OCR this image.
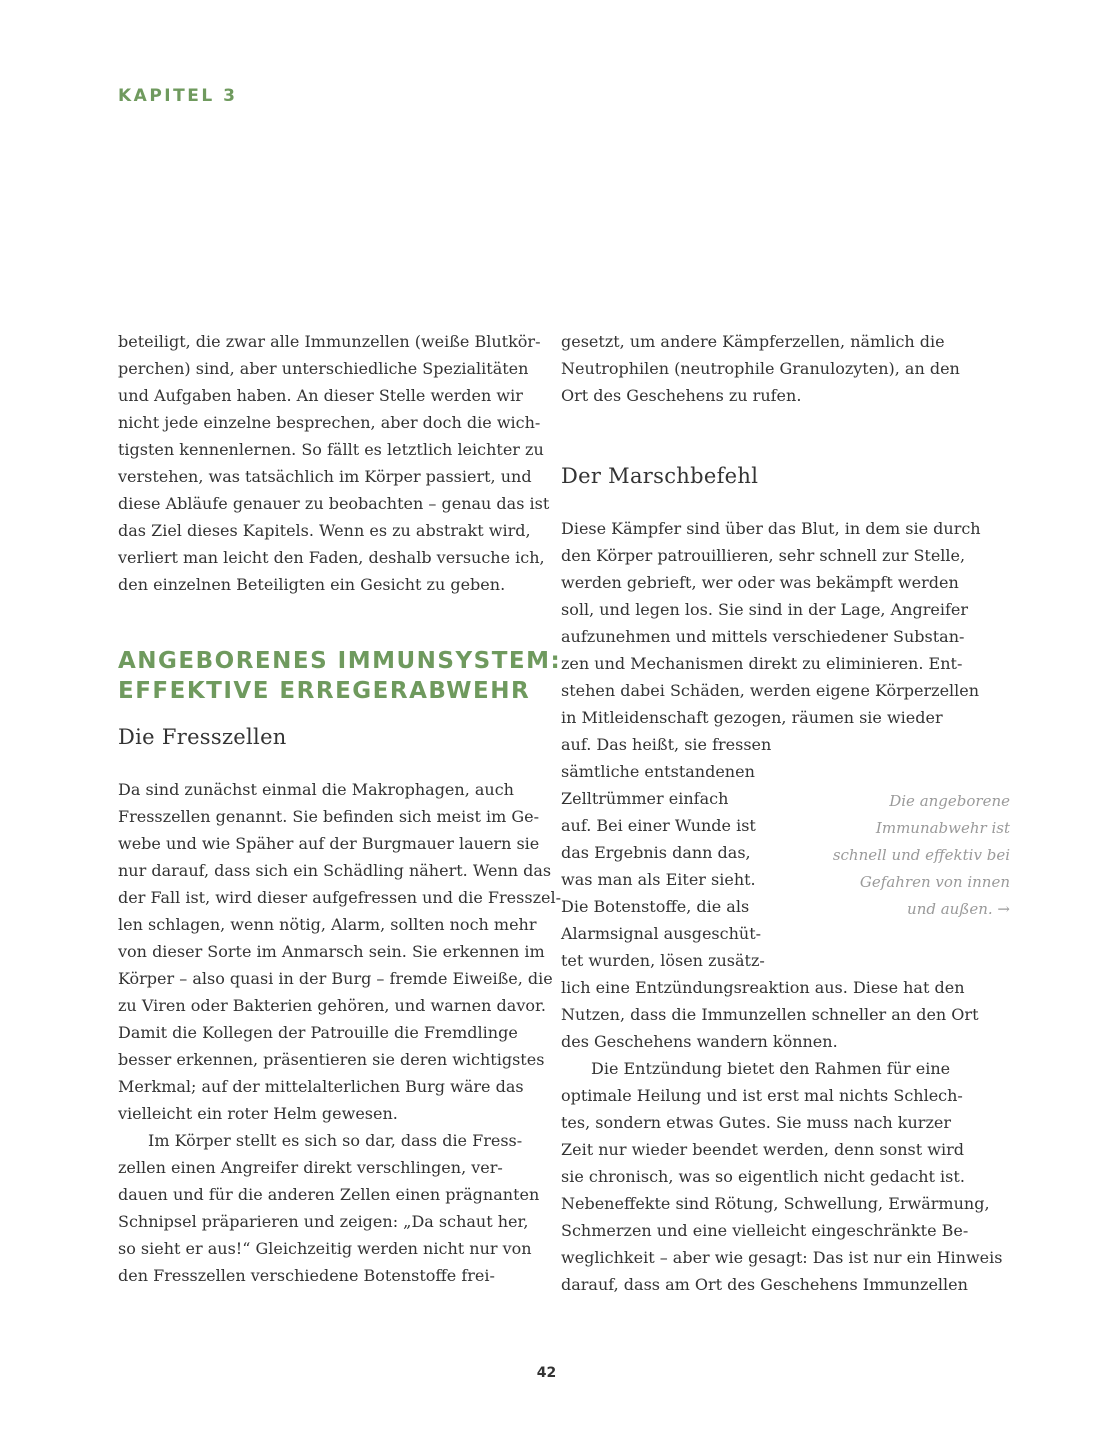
KAPITEL 3

beteiligt, die zwar alle Immunzellen (weiße Blutkör-
perchen) sind, aber unterschiedliche Spezialitäten
und Aufgaben haben. An dieser Stelle werden wir
nicht jede einzelne besprechen, aber doch die wich-
tigsten kennenlernen. So fällt es letztlich leichter zu
verstehen, was tatsächlich im Körper passiert, und
diese Abläufe genauer zu beobachten – genau das ist
das Ziel dieses Kapitels. Wenn es zu abstrakt wird,
verliert man leicht den Faden, deshalb versuche ich,
den einzelnen Beteiligten ein Gesicht zu geben.

ANGEBORENES IMMUNSYSTEM:
EFFEKTIVE ERREGERABWEHR
Die Fresszellen

Da sind zunächst einmal die Makrophagen, auch
Fresszellen genannt. Sie befinden sich meist im Ge-
webe und wie Späher auf der Burgmauer lauern sie
nur darauf, dass sich ein Schädling nähert. Wenn das
der Fall ist, wird dieser aufgefressen und die Fresszel-
len schlagen, wenn nötig, Alarm, sollten noch mehr
von dieser Sorte im Anmarsch sein. Sie erkennen im
Körper – also quasi in der Burg – fremde Eiweiße, die
zu Viren oder Bakterien gehören, und warnen davor.
Damit die Kollegen der Patrouille die Fremdlinge
besser erkennen, präsentieren sie deren wichtigstes
Merkmal; auf der mittelalterlichen Burg wäre das
vielleicht ein roter Helm gewesen.

Im Körper stellt es sich so dar, dass die Fress-
zellen einen Angreifer direkt verschlingen, ver-
dauen und für die anderen Zellen einen prägnanten
Schnipsel präparieren und zeigen: „Da schaut her,
so sieht er aus!“ Gleichzeitig werden nicht nur von
den Fresszellen verschiedene Botenstoffe frei-

gesetzt, um andere Kämpferzellen, nämlich die
Neutrophilen (neutrophile Granulozyten), an den
Ort des Geschehens zu rufen.

Der Marschbefehl

Diese Kämpfer sind über das Blut, in dem sie durch
den Körper patrouillieren, sehr schnell zur Stelle,
werden gebrieft, wer oder was bekämpft werden
soll, und legen los. Sie sind in der Lage, Angreifer
aufzunehmen und mittels verschiedener Substan-
zen und Mechanismen direkt zu eliminieren. Ent-
stehen dabei Schäden, werden eigene Körperzellen
in Mitleidenschaft gezogen, räumen sie wieder
auf. Das heißt, sie fressen
sämtliche entstandenen
Zelltrümmer einfach
auf. Bei einer Wunde ist
das Ergebnis dann das,
was man als Eiter sieht.
Die Botenstoffe, die als
Alarmsignal ausgeschüt-
tet wurden, lösen zusätz-
lich eine Entzündungsreaktion aus. Diese hat den
Nutzen, dass die Immunzellen schneller an den Ort
des Geschehens wandern können.

Die Entzündung bietet den Rahmen für eine
optimale Heilung und ist erst mal nichts Schlech-
tes, sondern etwas Gutes. Sie muss nach kurzer
Zeit nur wieder beendet werden, denn sonst wird
sie chronisch, was so eigentlich nicht gedacht ist.
Nebeneffekte sind Rötung, Schwellung, Erwärmung,
Schmerzen und eine vielleicht eingeschränkte Be-
weglichkeit – aber wie gesagt: Das ist nur ein Hinweis
darauf, dass am Ort des Geschehens Immunzellen

Die angeborene
Immunabwehr ist
schnell und effektiv bei
Gefahren von innen
und außen. →
42
